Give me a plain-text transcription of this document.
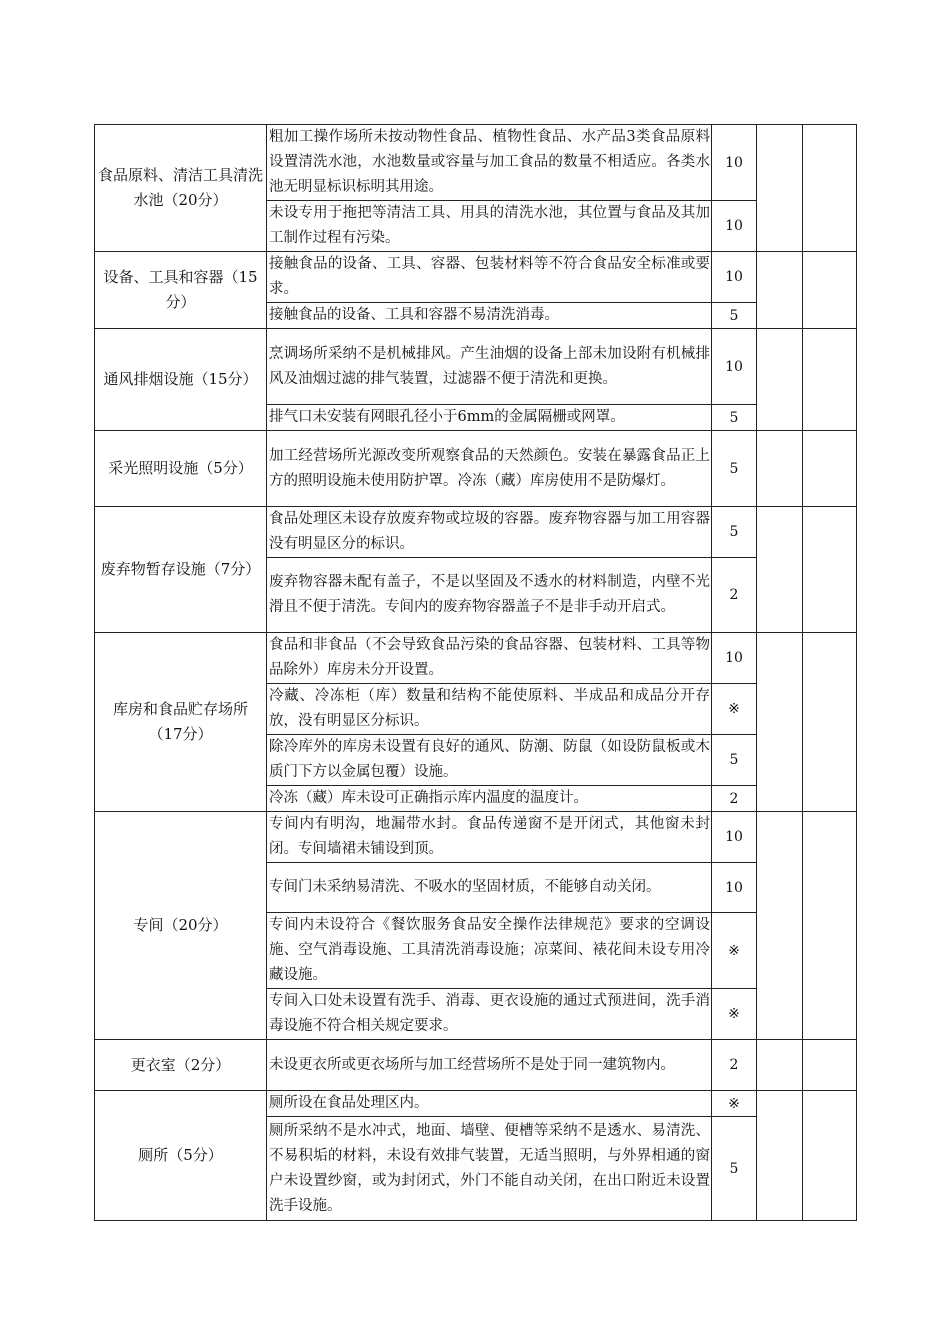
食品原料、清洁工具清洗水池（20分）	粗加工操作场所未按动物性食品、植物性食品、水产品3类食品原料设置清洗水池，水池数量或容量与加工食品的数量不相适应。各类水池无明显标识标明其用途。	10		
	未设专用于拖把等清洁工具、用具的清洗水池，其位置与食品及其加工制作过程有污染。	10		
设备、工具和容器（15分）	接触食品的设备、工具、容器、包装材料等不符合食品安全标准或要求。	10		
	接触食品的设备、工具和容器不易清洗消毒。	5		
通风排烟设施（15分）	烹调场所采纳不是机械排风。产生油烟的设备上部未加设附有机械排风及油烟过滤的排气装置，过滤器不便于清洗和更换。	10		
	排气口未安装有网眼孔径小于6mm的金属隔栅或网罩。	5		
采光照明设施（5分）	加工经营场所光源改变所观察食品的天然颜色。安装在暴露食品正上方的照明设施未使用防护罩。冷冻（藏）库房使用不是防爆灯。	5		
废弃物暂存设施（7分）	食品处理区未设存放废弃物或垃圾的容器。废弃物容器与加工用容器没有明显区分的标识。	5		
	废弃物容器未配有盖子，不是以坚固及不透水的材料制造，内壁不光滑且不便于清洗。专间内的废弃物容器盖子不是非手动开启式。	2		
库房和食品贮存场所（17分）	食品和非食品（不会导致食品污染的食品容器、包装材料、工具等物品除外）库房未分开设置。	10		
	冷藏、冷冻柜（库）数量和结构不能使原料、半成品和成品分开存放，没有明显区分标识。	※		
	除冷库外的库房未设置有良好的通风、防潮、防鼠（如设防鼠板或木质门下方以金属包覆）设施。	5		
	冷冻（藏）库未设可正确指示库内温度的温度计。	2		
专间（20分）	专间内有明沟，地漏带水封。食品传递窗不是开闭式，其他窗未封闭。专间墙裙未铺设到顶。	10		
	专间门未采纳易清洗、不吸水的坚固材质，不能够自动关闭。	10		
	专间内未设符合《餐饮服务食品安全操作法律规范》要求的空调设施、空气消毒设施、工具清洗消毒设施；凉菜间、裱花间未设专用冷藏设施。	※		
	专间入口处未设置有洗手、消毒、更衣设施的通过式预进间，洗手消毒设施不符合相关规定要求。	※		
更衣室（2分）	未设更衣所或更衣场所与加工经营场所不是处于同一建筑物内。	2		
厕所（5分）	厕所设在食品处理区内。	※		
	厕所采纳不是水冲式，地面、墙壁、便槽等采纳不是透水、易清洗、不易积垢的材料，未设有效排气装置，无适当照明，与外界相通的窗户未设置纱窗，或为封闭式，外门不能自动关闭，在出口附近未设置洗手设施。	5		
